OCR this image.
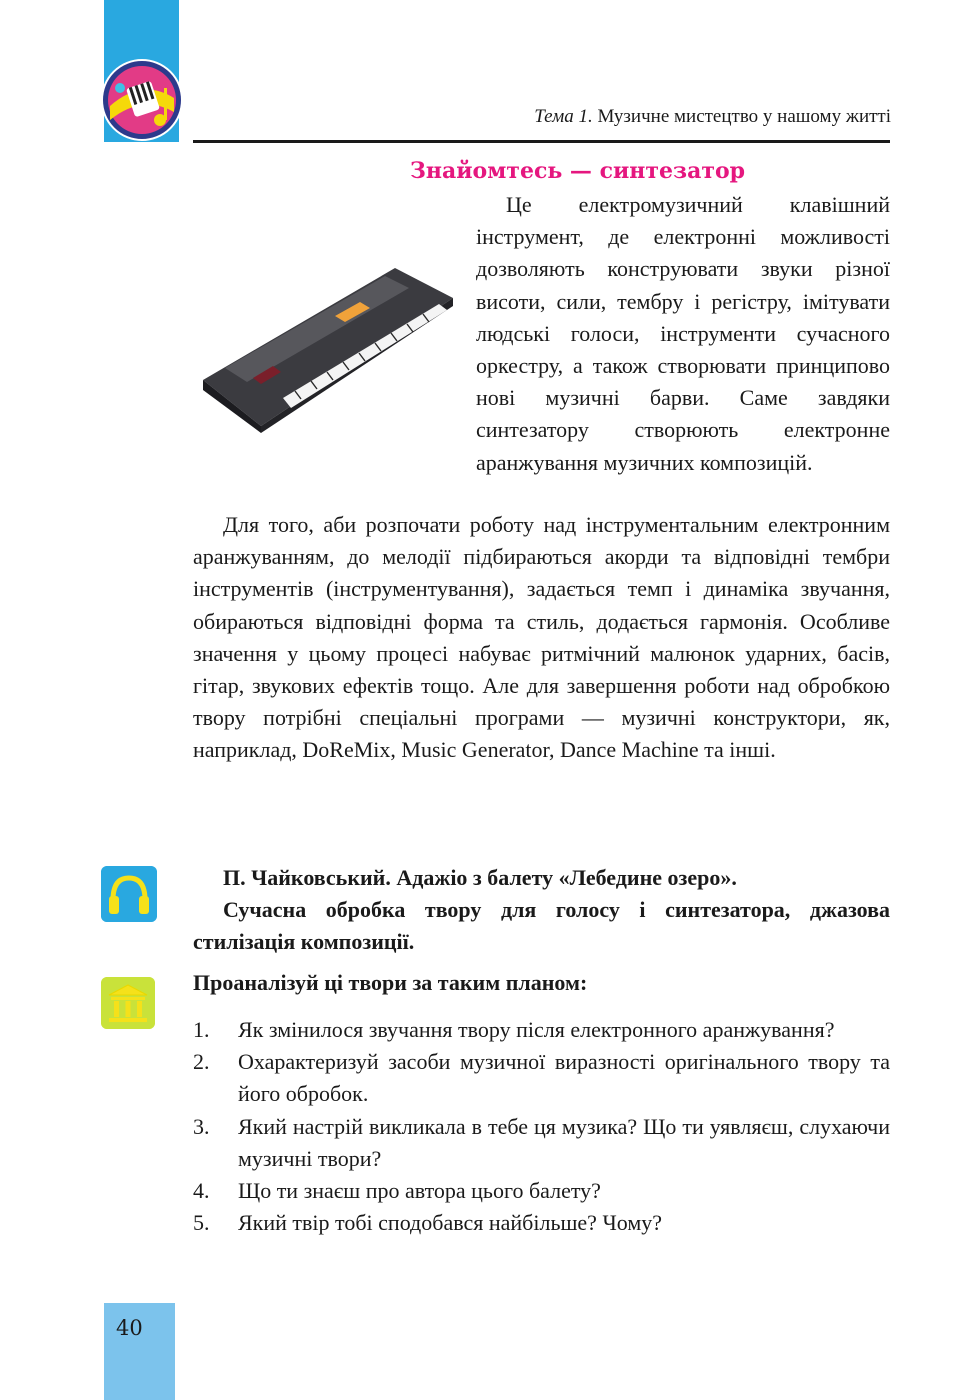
Тема 1. Музичне мистецтво у нашому житті
Знайомтесь — синтезатор
Це електромузичний клавішний інструмент, де електронні можливості дозволяють конструювати звуки різної висоти, сили, тембру і регістру, імітувати людські голоси, інструменти сучасного оркестру, а також створювати принципово нові музичні барви. Саме завдяки синтезатору створюють електронне аранжування музичних композицій.
Для того, аби розпочати роботу над інструментальним електронним аранжуванням, до мелодії підбираються акорди та відповідні тембри інструментів (інструментування), задається темп і динаміка звучання, обираються відповідні форма та стиль, додається гармонія. Особливе значення у цьому процесі набуває ритмічний малюнок ударних, басів, гітар, звукових ефектів тощо. Але для завершення роботи над обробкою твору потрібні спеціальні програми — музичні конструктори, як, наприклад, DoReMix, Music Generator, Dance Machine та інші.

П. Чайковський. Адажіо з балету «Лебедине озеро».

Сучасна обробка твору для голосу і синтезатора, джазова стилізація композиції.

Проаналізуй ці твори за таким планом:
1. Як змінилося звучання твору після електронного аранжування?
2. Охарактеризуй засоби музичної виразності оригінального твору та його обробок.
3. Який настрій викликала в тебе ця музика? Що ти уявляєш, слухаючи музичні твори?
4. Що ти знаєш про автора цього балету?
5. Який твір тобі сподобався найбільше? Чому?
40
